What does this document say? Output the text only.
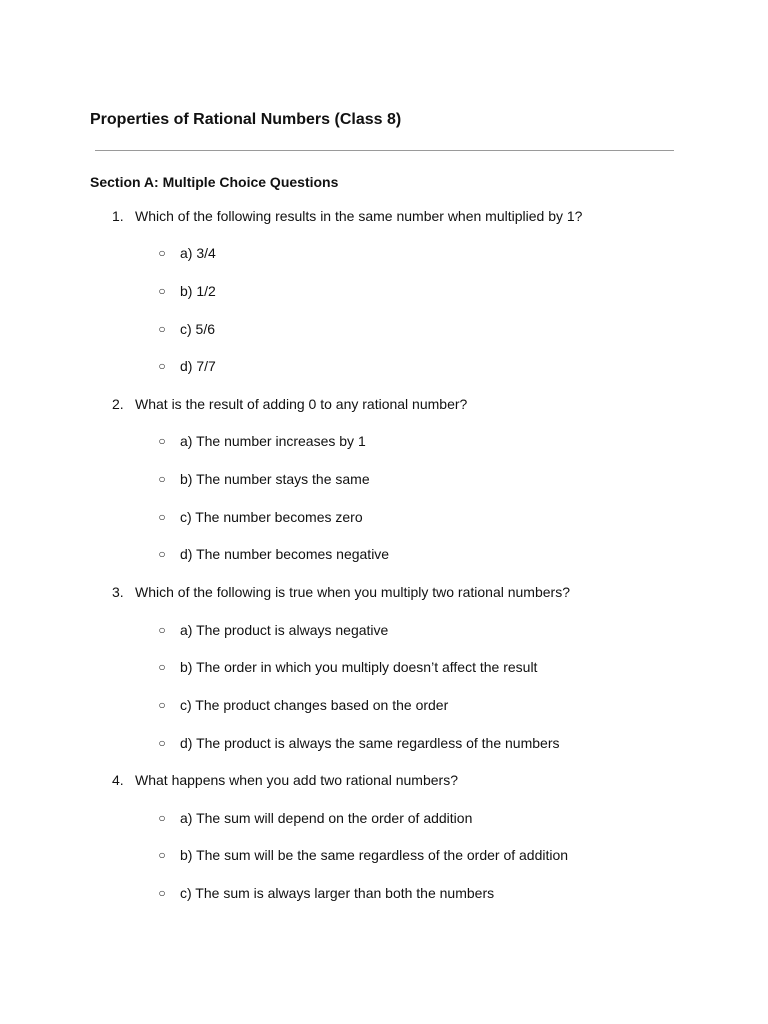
Properties of Rational Numbers (Class 8)
Section A: Multiple Choice Questions
1. Which of the following results in the same number when multiplied by 1?
○ a) 3/4
○ b) 1/2
○ c) 5/6
○ d) 7/7
2. What is the result of adding 0 to any rational number?
○ a) The number increases by 1
○ b) The number stays the same
○ c) The number becomes zero
○ d) The number becomes negative
3. Which of the following is true when you multiply two rational numbers?
○ a) The product is always negative
○ b) The order in which you multiply doesn’t affect the result
○ c) The product changes based on the order
○ d) The product is always the same regardless of the numbers
4. What happens when you add two rational numbers?
○ a) The sum will depend on the order of addition
○ b) The sum will be the same regardless of the order of addition
○ c) The sum is always larger than both the numbers
